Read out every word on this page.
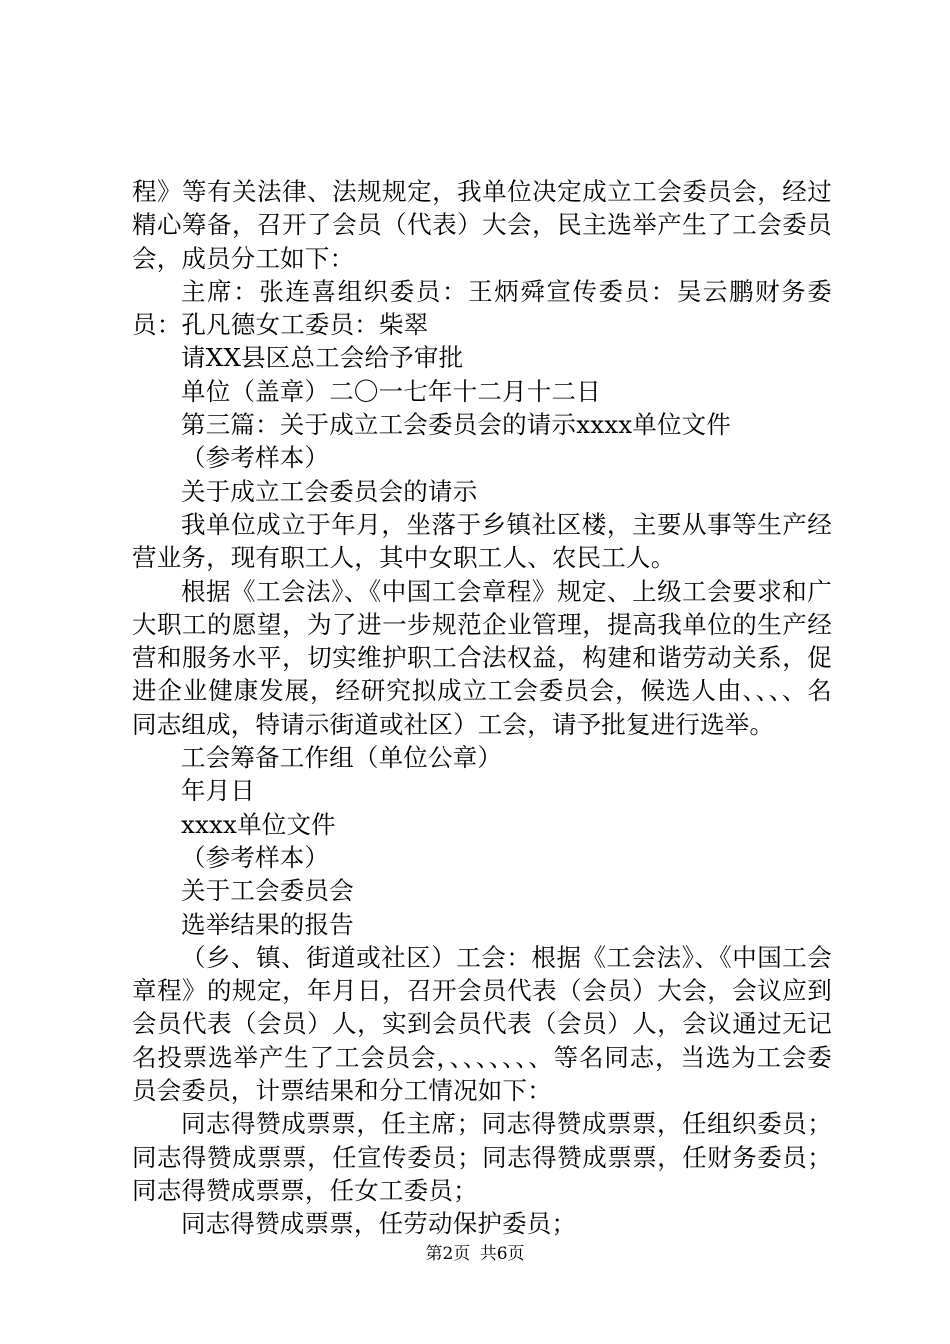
程》等有关法律、法规规定，我单位决定成立工会委员会，经过精心筹备，召开了会员（代表）大会，民主选举产生了工会委员会，成员分工如下：

主席：张连喜组织委员：王炳舜宣传委员：吴云鹏财务委员：孔凡德女工委员：柴翠

请XX县区总工会给予审批

单位（盖章）二〇一七年十二月十二日

第三篇：关于成立工会委员会的请示xxxx单位文件

（参考样本）

关于成立工会委员会的请示

我单位成立于年月，坐落于乡镇社区楼，主要从事等生产经营业务，现有职工人，其中女职工人、农民工人。

根据《工会法》、《中国工会章程》规定、上级工会要求和广大职工的愿望，为了进一步规范企业管理，提高我单位的生产经营和服务水平，切实维护职工合法权益，构建和谐劳动关系，促进企业健康发展，经研究拟成立工会委员会，候选人由、、、、名同志组成，特请示街道或社区）工会，请予批复进行选举。

工会筹备工作组（单位公章）

年月日

xxxx单位文件

（参考样本）

关于工会委员会

选举结果的报告

（乡、镇、街道或社区）工会：根据《工会法》、《中国工会章程》的规定，年月日，召开会员代表（会员）大会，会议应到会员代表（会员）人，实到会员代表（会员）人，会议通过无记名投票选举产生了工会员会，、、、、、、、等名同志，当选为工会委员会委员，计票结果和分工情况如下：

同志得赞成票票，任主席；同志得赞成票票，任组织委员；同志得赞成票票，任宣传委员；同志得赞成票票，任财务委员；同志得赞成票票，任女工委员；

同志得赞成票票，任劳动保护委员；

第2页 共6页
